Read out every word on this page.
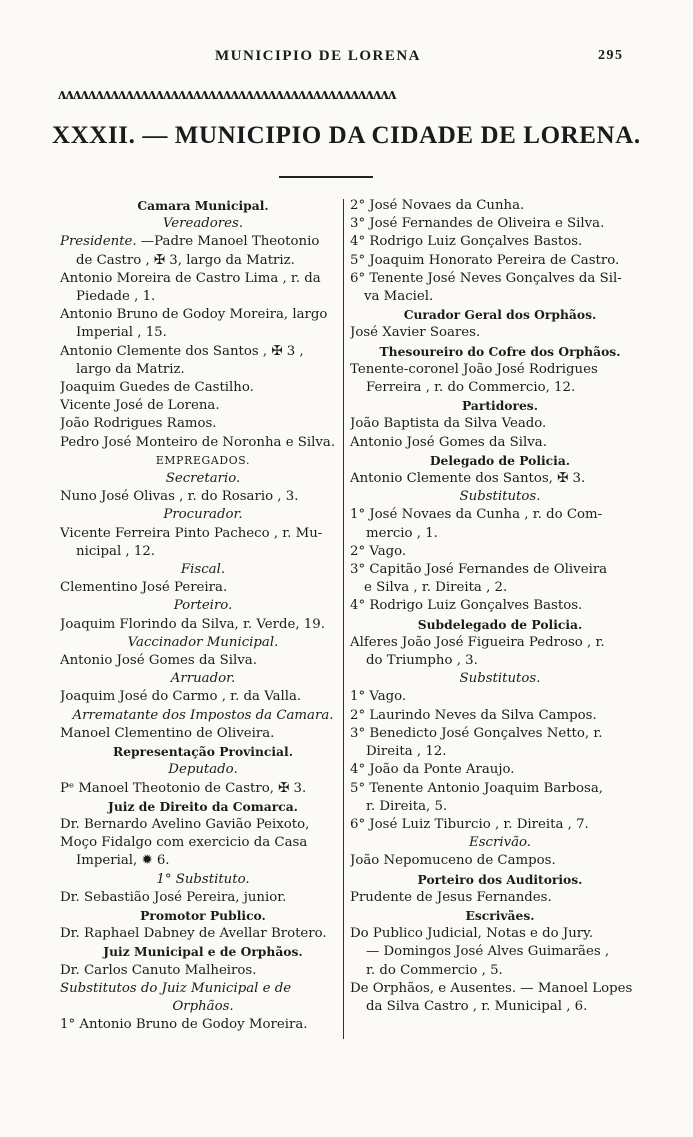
MUNICIPIO DE LORENA	295
ʌʌʌʌʌʌʌʌʌʌʌʌʌʌʌʌʌʌʌʌʌʌʌʌʌʌʌʌʌʌʌʌʌʌʌʌʌʌʌʌʌʌʌʌʌ
XXXII. — MUNICIPIO DA CIDADE DE LORENA.
Camara Municipal.
Vereadores.
Presidente. —Padre Manoel Theotonio
de Castro , ✠ 3, largo da Matriz.
Antonio Moreira de Castro Lima , r. da
Piedade , 1.
Antonio Bruno de Godoy Moreira, largo
Imperial , 15.
Antonio Clemente dos Santos , ✠ 3 ,
largo da Matriz.
Joaquim Guedes de Castilho.
Vicente José de Lorena.
João Rodrigues Ramos.
Pedro José Monteiro de Noronha e Silva.
EMPREGADOS.
Secretario.
Nuno José Olivas , r. do Rosario , 3.
Procurador.
Vicente Ferreira Pinto Pacheco , r. Mu-
nicipal , 12.
Fiscal.
Clementino José Pereira.
Porteiro.
Joaquim Florindo da Silva, r. Verde, 19.
Vaccinador Municipal.
Antonio José Gomes da Silva.
Arruador.
Joaquim José do Carmo , r. da Valla.
Arrematante dos Impostos da Camara.
Manoel Clementino de Oliveira.
Representação Provincial.
Deputado.
Pᵉ Manoel Theotonio de Castro, ✠ 3.
Juiz de Direito da Comarca.
Dr. Bernardo Avelino Gavião Peixoto,
Moço Fidalgo com exercicio da Casa
Imperial, ✹ 6.
1° Substituto.
Dr. Sebastião José Pereira, junior.
Promotor Publico.
Dr. Raphael Dabney de Avellar Brotero.
Juiz Municipal e de Orphãos.
Dr. Carlos Canuto Malheiros.
Substitutos do Juiz Municipal e de
Orphãos.
1° Antonio Bruno de Godoy Moreira.
2° José Novaes da Cunha.
3° José Fernandes de Oliveira e Silva.
4° Rodrigo Luiz Gonçalves Bastos.
5° Joaquim Honorato Pereira de Castro.
6° Tenente José Neves Gonçalves da Sil-
va Maciel.
Curador Geral dos Orphãos.
José Xavier Soares.
Thesoureiro do Cofre dos Orphãos.
Tenente-coronel João José Rodrigues
Ferreira , r. do Commercio, 12.
Partidores.
João Baptista da Silva Veado.
Antonio José Gomes da Silva.
Delegado de Policia.
Antonio Clemente dos Santos, ✠ 3.
Substitutos.
1° José Novaes da Cunha , r. do Com-
mercio , 1.
2° Vago.
3° Capitão José Fernandes de Oliveira
e Silva , r. Direita , 2.
4° Rodrigo Luiz Gonçalves Bastos.
Subdelegado de Policia.
Alferes João José Figueira Pedroso , r.
do Triumpho , 3.
Substitutos.
1° Vago.
2° Laurindo Neves da Silva Campos.
3° Benedicto José Gonçalves Netto, r.
Direita , 12.
4° João da Ponte Araujo.
5° Tenente Antonio Joaquim Barbosa,
r. Direita, 5.
6° José Luiz Tiburcio , r. Direita , 7.
Escrivão.
João Nepomuceno de Campos.
Porteiro dos Auditorios.
Prudente de Jesus Fernandes.
Escrivães.
Do Publico Judicial, Notas e do Jury.
— Domingos José Alves Guimarães ,
r. do Commercio , 5.
De Orphãos, e Ausentes. — Manoel Lopes
da Silva Castro , r. Municipal , 6.
